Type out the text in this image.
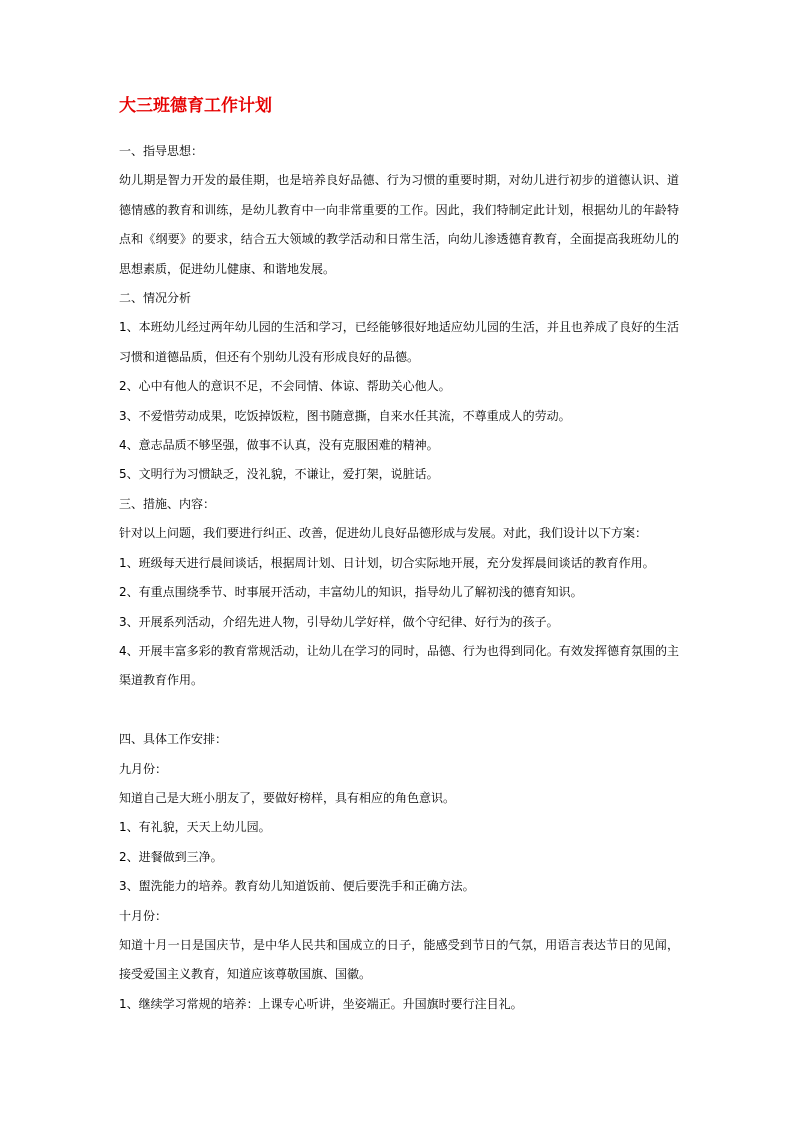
大三班德育工作计划
一、指导思想：
幼儿期是智力开发的最佳期，也是培养良好品德、行为习惯的重要时期，对幼儿进行初步的道德认识、道德情感的教育和训练，是幼儿教育中一向非常重要的工作。因此，我们特制定此计划，根据幼儿的年龄特点和《纲要》的要求，结合五大领域的教学活动和日常生活，向幼儿渗透德育教育，全面提高我班幼儿的思想素质，促进幼儿健康、和谐地发展。
二、情况分析
1、本班幼儿经过两年幼儿园的生活和学习，已经能够很好地适应幼儿园的生活，并且也养成了良好的生活习惯和道德品质，但还有个别幼儿没有形成良好的品德。
2、心中有他人的意识不足，不会同情、体谅、帮助关心他人。
3、不爱惜劳动成果，吃饭掉饭粒，图书随意撕，自来水任其流，不尊重成人的劳动。
4、意志品质不够坚强，做事不认真，没有克服困难的精神。
5、文明行为习惯缺乏，没礼貌，不谦让，爱打架，说脏话。
三、措施、内容：
针对以上问题，我们要进行纠正、改善，促进幼儿良好品德形成与发展。对此，我们设计以下方案：
1、班级每天进行晨间谈话，根据周计划、日计划，切合实际地开展，充分发挥晨间谈话的教育作用。
2、有重点围绕季节、时事展开活动，丰富幼儿的知识，指导幼儿了解初浅的德育知识。
3、开展系列活动，介绍先进人物，引导幼儿学好样，做个守纪律、好行为的孩子。
4、开展丰富多彩的教育常规活动，让幼儿在学习的同时，品德、行为也得到同化。有效发挥德育氛围的主渠道教育作用。
四、具体工作安排：
九月份：
知道自己是大班小朋友了，要做好榜样，具有相应的角色意识。
1、有礼貌，天天上幼儿园。
2、进餐做到三净。
3、盥洗能力的培养。教育幼儿知道饭前、便后要洗手和正确方法。
十月份：
知道十月一日是国庆节，是中华人民共和国成立的日子，能感受到节日的气氛，用语言表达节日的见闻，接受爱国主义教育，知道应该尊敬国旗、国徽。
1、继续学习常规的培养：上课专心听讲，坐姿端正。升国旗时要行注目礼。
